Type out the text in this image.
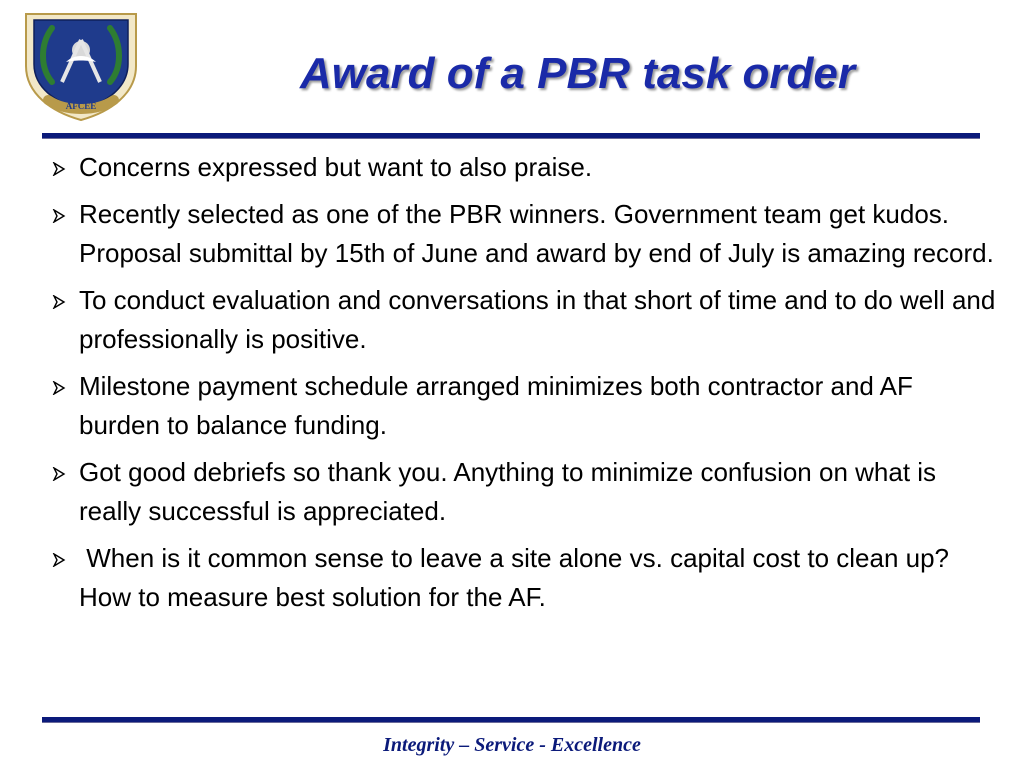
AFCEE
Award of a PBR task order
Concerns expressed but want to also praise.
Recently selected as one of the PBR winners. Government team get kudos. Proposal submittal by 15th of June and award by end of July is amazing record.
To conduct evaluation and conversations in that short of time and to do well and professionally is positive.
Milestone payment schedule arranged minimizes both contractor and AF burden to balance funding.
Got good debriefs so thank you. Anything to minimize confusion on what is really successful is appreciated.
When is it common sense to leave a site alone vs. capital cost to clean up?  How to measure best solution for the AF.
Integrity – Service - Excellence
